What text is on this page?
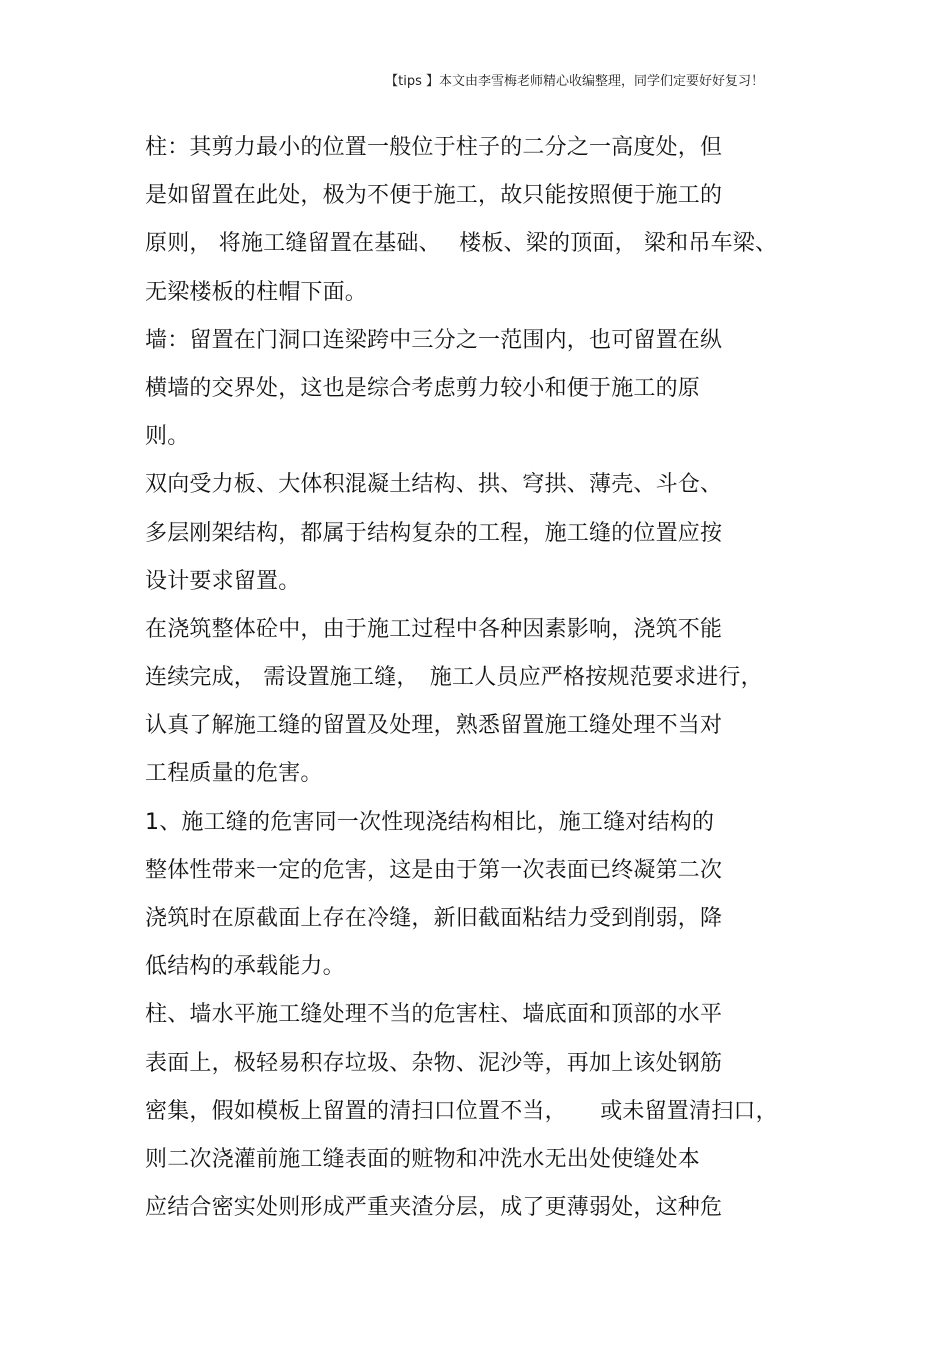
【tips 】本文由李雪梅老师精心收编整理，同学们定要好好复习！
柱：其剪力最小的位置一般位于柱子的二分之一高度处，但
是如留置在此处，极为不便于施工，故只能按照便于施工的
原则， 将施工缝留置在基础、　 楼板、梁的顶面， 梁和吊车梁、
无梁楼板的柱帽下面。
墙：留置在门洞口连梁跨中三分之一范围内，也可留置在纵
横墙的交界处，这也是综合考虑剪力较小和便于施工的原
则。
双向受力板、大体积混凝土结构、拱、穹拱、薄壳、斗仓、
多层刚架结构，都属于结构复杂的工程，施工缝的位置应按
设计要求留置。
在浇筑整体砼中，由于施工过程中各种因素影响，浇筑不能
连续完成， 需设置施工缝，　施工人员应严格按规范要求进行，
认真了解施工缝的留置及处理，熟悉留置施工缝处理不当对
工程质量的危害。
1、施工缝的危害同一次性现浇结构相比，施工缝对结构的
整体性带来一定的危害，这是由于第一次表面已终凝第二次
浇筑时在原截面上存在冷缝，新旧截面粘结力受到削弱，降
低结构的承载能力。
柱、墙水平施工缝处理不当的危害柱、墙底面和顶部的水平
表面上，极轻易积存垃圾、杂物、泥沙等，再加上该处钢筋
密集，假如模板上留置的清扫口位置不当，　　或未留置清扫口，
则二次浇灌前施工缝表面的赃物和冲洗水无出处使缝处本
应结合密实处则形成严重夹渣分层，成了更薄弱处，这种危
